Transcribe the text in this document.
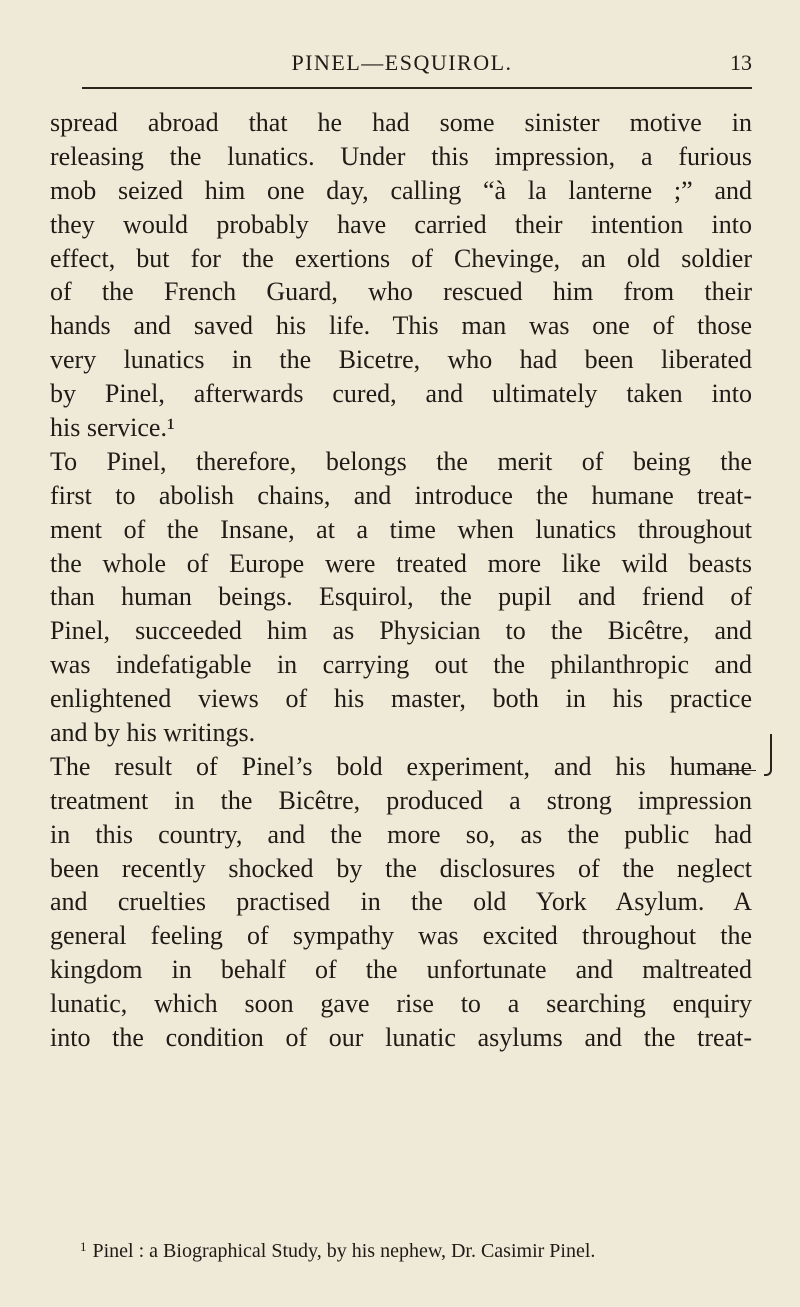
PINEL—ESQUIROL.	13
spread abroad that he had some sinister motive in
releasing the lunatics. Under this impression, a furious
mob seized him one day, calling “à la lanterne ;” and
they would probably have carried their intention into
effect, but for the exertions of Chevinge, an old soldier
of the French Guard, who rescued him from their
hands and saved his life. This man was one of those
very lunatics in the Bicetre, who had been liberated
by Pinel, afterwards cured, and ultimately taken into
his service.¹
To Pinel, therefore, belongs the merit of being the
first to abolish chains, and introduce the humane treat-
ment of the Insane, at a time when lunatics throughout
the whole of Europe were treated more like wild beasts
than human beings. Esquirol, the pupil and friend of
Pinel, succeeded him as Physician to the Bicêtre, and
was indefatigable in carrying out the philanthropic and
enlightened views of his master, both in his practice
and by his writings.
The result of Pinel’s bold experiment, and his humane
treatment in the Bicêtre, produced a strong impression
in this country, and the more so, as the public had
been recently shocked by the disclosures of the neglect
and cruelties practised in the old York Asylum. A
general feeling of sympathy was excited throughout the
kingdom in behalf of the unfortunate and maltreated
lunatic, which soon gave rise to a searching enquiry
into the condition of our lunatic asylums and the treat-
$^1$ Pinel : a Biographical Study, by his nephew, Dr. Casimir Pinel.
